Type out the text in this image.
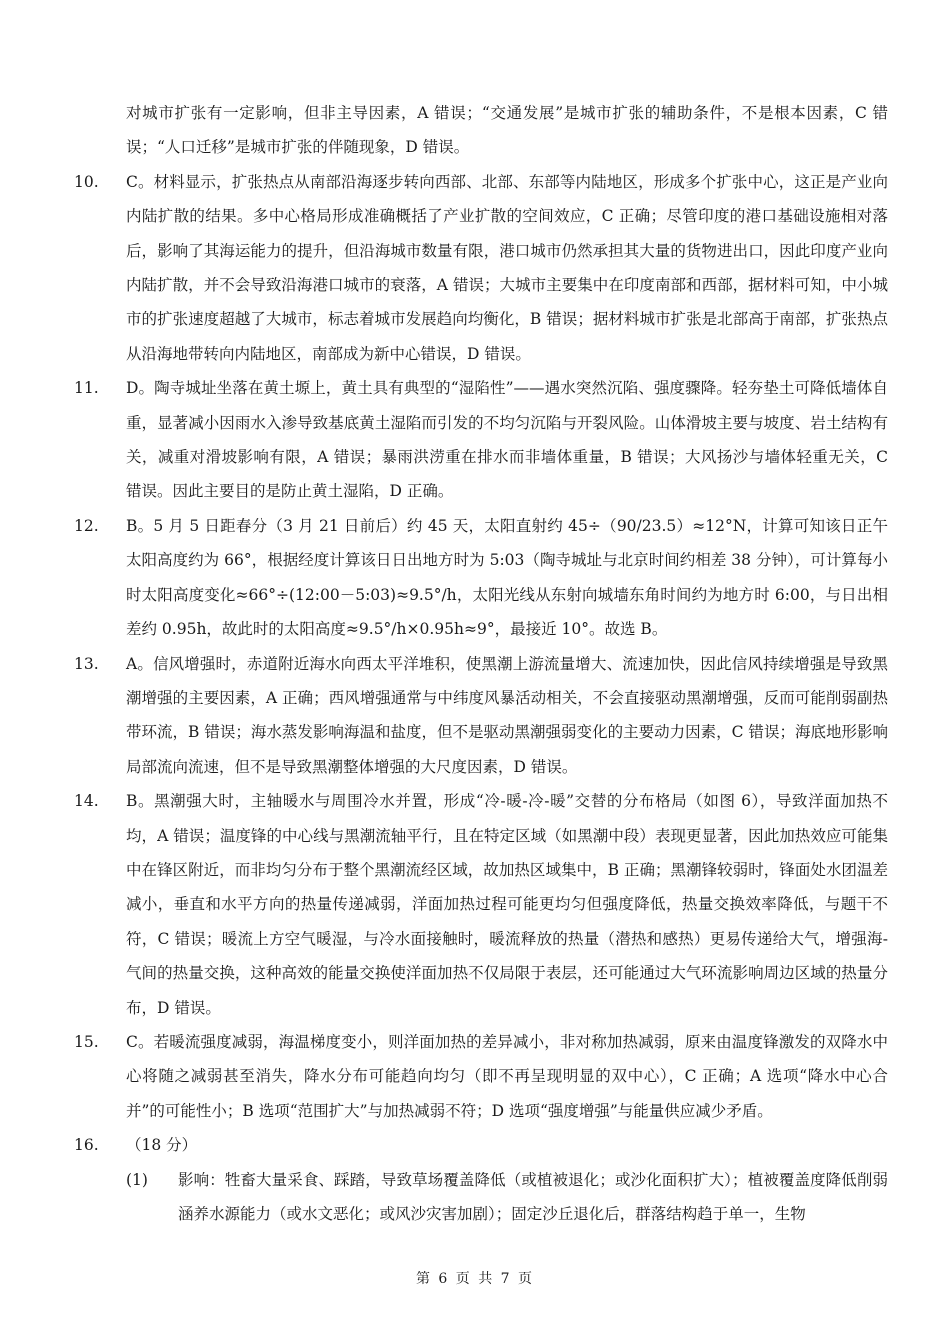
对城市扩张有一定影响，但非主导因素，A 错误；“交通发展”是城市扩张的辅助条件，不是根本因素，C 错误；“人口迁移”是城市扩张的伴随现象，D 错误。

10. C。材料显示，扩张热点从南部沿海逐步转向西部、北部、东部等内陆地区，形成多个扩张中心，这正是产业向内陆扩散的结果。多中心格局形成准确概括了产业扩散的空间效应，C 正确；尽管印度的港口基础设施相对落后，影响了其海运能力的提升，但沿海城市数量有限，港口城市仍然承担其大量的货物进出口，因此印度产业向内陆扩散，并不会导致沿海港口城市的衰落，A 错误；大城市主要集中在印度南部和西部，据材料可知，中小城市的扩张速度超越了大城市，标志着城市发展趋向均衡化，B 错误；据材料城市扩张是北部高于南部，扩张热点从沿海地带转向内陆地区，南部成为新中心错误，D 错误。
11. D。陶寺城址坐落在黄土塬上，黄土具有典型的“湿陷性”——遇水突然沉陷、强度骤降。轻夯垫土可降低墙体自重，显著减小因雨水入渗导致基底黄土湿陷而引发的不均匀沉陷与开裂风险。山体滑坡主要与坡度、岩土结构有关，减重对滑坡影响有限，A 错误；暴雨洪涝重在排水而非墙体重量，B 错误；大风扬沙与墙体轻重无关，C 错误。因此主要目的是防止黄土湿陷，D 正确。
12. B。5 月 5 日距春分（3 月 21 日前后）约 45 天，太阳直射约 45÷（90/23.5）≈12°N，计算可知该日正午太阳高度约为 66°，根据经度计算该日日出地方时为 5:03（陶寺城址与北京时间约相差 38 分钟），可计算每小时太阳高度变化≈66°÷(12:00－5:03)≈9.5°/h，太阳光线从东射向城墙东角时间约为地方时 6:00，与日出相差约 0.95h，故此时的太阳高度≈9.5°/h×0.95h≈9°，最接近 10°。故选 B。
13. A。信风增强时，赤道附近海水向西太平洋堆积，使黑潮上游流量增大、流速加快，因此信风持续增强是导致黑潮增强的主要因素，A 正确；西风增强通常与中纬度风暴活动相关，不会直接驱动黑潮增强，反而可能削弱副热带环流，B 错误；海水蒸发影响海温和盐度，但不是驱动黑潮强弱变化的主要动力因素，C 错误；海底地形影响局部流向流速，但不是导致黑潮整体增强的大尺度因素，D 错误。
14. B。黑潮强大时，主轴暖水与周围冷水并置，形成“冷-暖-冷-暖”交替的分布格局（如图 6），导致洋面加热不均，A 错误；温度锋的中心线与黑潮流轴平行，且在特定区域（如黑潮中段）表现更显著，因此加热效应可能集中在锋区附近，而非均匀分布于整个黑潮流经区域，故加热区域集中，B 正确；黑潮锋较弱时，锋面处水团温差减小，垂直和水平方向的热量传递减弱，洋面加热过程可能更均匀但强度降低，热量交换效率降低，与题干不符，C 错误；暖流上方空气暖湿，与冷水面接触时，暖流释放的热量（潜热和感热）更易传递给大气，增强海-气间的热量交换，这种高效的能量交换使洋面加热不仅局限于表层，还可能通过大气环流影响周边区域的热量分布，D 错误。
15. C。若暖流强度减弱，海温梯度变小，则洋面加热的差异减小，非对称加热减弱，原来由温度锋激发的双降水中心将随之减弱甚至消失，降水分布可能趋向均匀（即不再呈现明显的双中心），C 正确；A 选项“降水中心合并”的可能性小；B 选项“范围扩大”与加热减弱不符；D 选项“强度增强”与能量供应减少矛盾。
16. （18 分）
(1) 影响：牲畜大量采食、踩踏，导致草场覆盖降低（或植被退化；或沙化面积扩大）；植被覆盖度降低削弱涵养水源能力（或水文恶化；或风沙灾害加剧）；固定沙丘退化后，群落结构趋于单一，生物
第 6 页 共 7 页
